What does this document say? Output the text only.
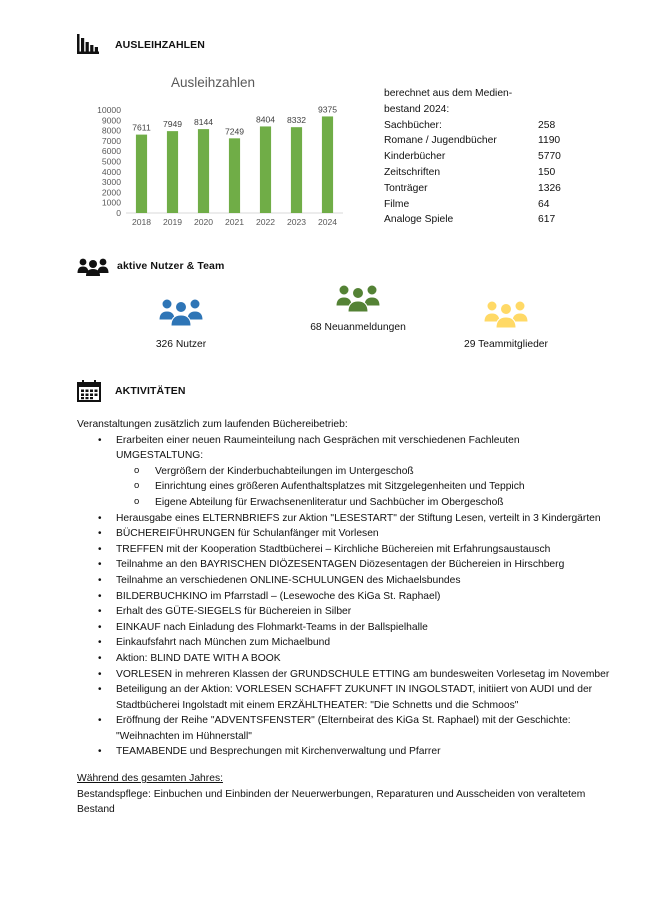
AUSLEIHZAHLEN
Ausleihzahlen
0
1000
2000
3000
4000
5000
6000
7000
8000
9000
10000
7611
2018
7949
2019
8144
2020
7249
2021
8404
2022
8332
2023
9375
2024
berechnet aus dem Medien-
bestand 2024:
Sachbücher:	258
Romane / Jugendbücher	1190
Kinderbücher	5770
Zeitschriften	150
Tonträger	1326
Filme	64
Analoge Spiele	617
aktive Nutzer & Team
326 Nutzer
68 Neuanmeldungen
29 Teammitglieder
AKTIVITÄTEN
Veranstaltungen zusätzlich zum laufenden Büchereibetrieb:
• Erarbeiten einer neuen Raumeinteilung nach Gesprächen mit verschiedenen Fachleuten
UMGESTALTUNG:
o Vergrößern der Kinderbuchabteilungen im Untergeschoß
o Einrichtung eines größeren Aufenthaltsplatzes mit Sitzgelegenheiten und Teppich
o Eigene Abteilung für Erwachsenenliteratur und Sachbücher im Obergeschoß
• Herausgabe eines ELTERNBRIEFS zur Aktion "LESESTART" der Stiftung Lesen, verteilt in 3 Kindergärten
• BÜCHEREIFÜHRUNGEN für Schulanfänger mit Vorlesen
• TREFFEN mit der Kooperation Stadtbücherei – Kirchliche Büchereien mit Erfahrungsaustausch
• Teilnahme an den BAYRISCHEN DIÖZESENTAGEN Diözesentagen der Büchereien in Hirschberg
• Teilnahme an verschiedenen ONLINE-SCHULUNGEN des Michaelsbundes
• BILDERBUCHKINO im Pfarrstadl – (Lesewoche des KiGa St. Raphael)
• Erhalt des GÜTE-SIEGELS für Büchereien in Silber
• EINKAUF nach Einladung des Flohmarkt-Teams in der Ballspielhalle
• Einkaufsfahrt nach München zum Michaelbund
• Aktion: BLIND DATE WITH A BOOK
• VORLESEN in mehreren Klassen der GRUNDSCHULE ETTING am bundesweiten Vorlesetag im November
• Beteiligung an der Aktion: VORLESEN SCHAFFT ZUKUNFT IN INGOLSTADT, initiiert von AUDI und der Stadtbücherei Ingolstadt mit einem ERZÄHLTHEATER: "Die Schnetts und die Schmoos"
• Eröffnung der Reihe "ADVENTSFENSTER" (Elternbeirat des KiGa St. Raphael) mit der Geschichte: "Weihnachten im Hühnerstall"
• TEAMABENDE und Besprechungen mit Kirchenverwaltung und Pfarrer
Während des gesamten Jahres:
Bestandspflege: Einbuchen und Einbinden der Neuerwerbungen, Reparaturen und Ausscheiden von veraltetem Bestand
